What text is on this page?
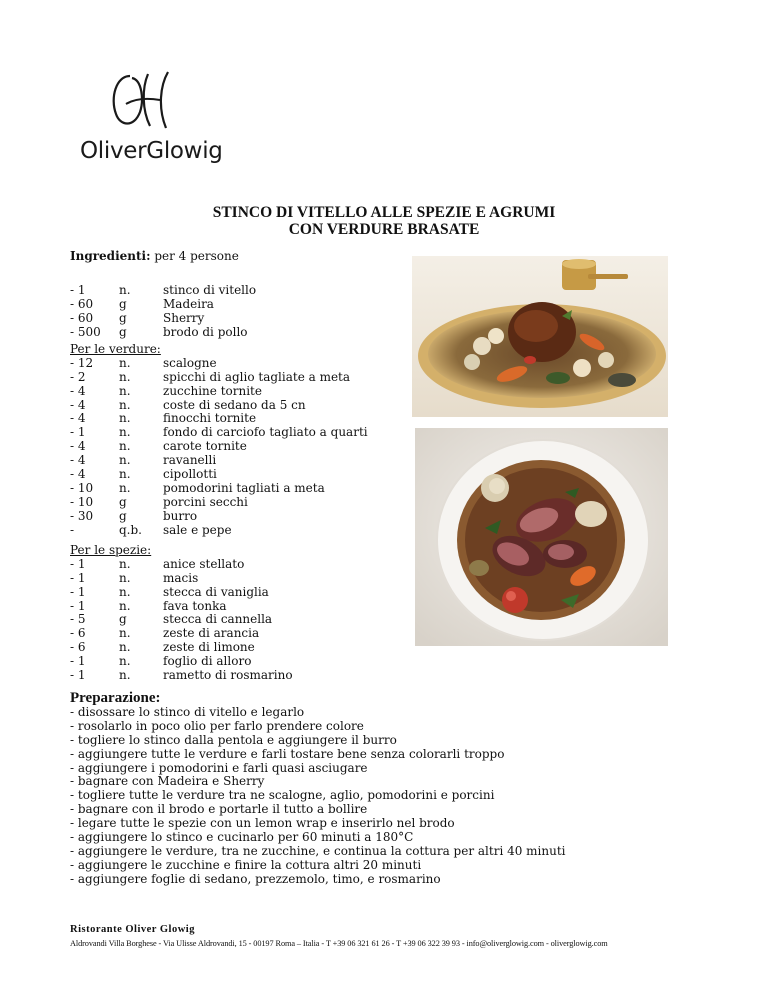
OliverGlowig
STINCO DI VITELLO ALLE SPEZIE E AGRUMI
CON VERDURE BRASATE
Ingredienti: per 4 persone
- 1	n.	stinco di vitello
- 60	g	Madeira
- 60	g	Sherry
- 500	g	brodo di pollo
Per le verdure:
- 12	n.	scalogne
- 2	n.	spicchi di aglio tagliate a meta
- 4	n.	zucchine tornite
- 4	n.	coste di sedano da 5 cn
- 4	n.	finocchi tornite
- 1	n.	fondo di carciofo tagliato a quarti
- 4	n.	carote tornite
- 4	n.	ravanelli
- 4	n.	cipollotti
- 10	n.	pomodorini tagliati a meta
- 10	g	porcini secchi
- 30	g	burro
-	q.b.	sale e pepe
Per le spezie:
- 1	n.	anice stellato
- 1	n.	macis
- 1	n.	stecca di vaniglia
- 1	n.	fava tonka
- 5	g	stecca di cannella
- 6	n.	zeste di arancia
- 6	n.	zeste di limone
- 1	n.	foglio di alloro
- 1	n.	rametto di rosmarino
Preparazione:
- disossare lo stinco di vitello e legarlo
- rosolarlo in poco olio per farlo prendere colore
- togliere lo stinco dalla pentola e aggiungere il burro
- aggiungere tutte le verdure e farli tostare bene senza colorarli troppo
- aggiungere i pomodorini e farli quasi asciugare
- bagnare con Madeira e Sherry
- togliere tutte le verdure tra ne scalogne, aglio, pomodorini e porcini
- bagnare con il brodo e portarle il tutto a bollire
- legare tutte le spezie con un lemon wrap e inserirlo nel brodo
- aggiungere lo stinco e cucinarlo per 60 minuti a 180°C
- aggiungere le verdure, tra ne zucchine, e continua la cottura per altri 40 minuti
- aggiungere le zucchine e finire la cottura altri 20 minuti
- aggiungere foglie di sedano, prezzemolo, timo, e rosmarino
Ristorante Oliver Glowig
Aldrovandi Villa Borghese - Via Ulisse Aldrovandi, 15 - 00197 Roma – Italia - T +39 06 321 61 26 - T +39 06 322 39 93 - info@oliverglowig.com - oliverglowig.com
